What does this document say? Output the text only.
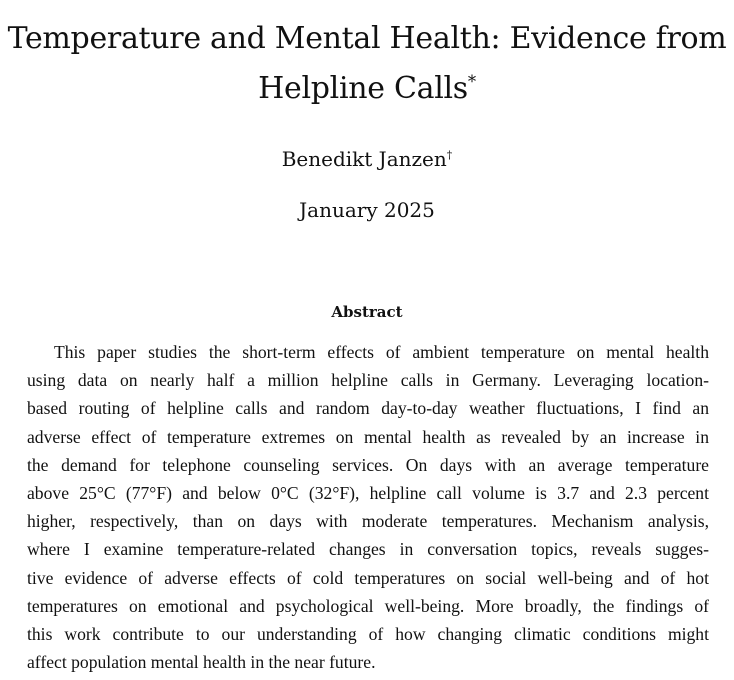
Temperature and Mental Health: Evidence from
Helpline Calls*
Benedikt Janzen†
January 2025
Abstract
This paper studies the short-term effects of ambient temperature on mental health
using data on nearly half a million helpline calls in Germany. Leveraging location-
based routing of helpline calls and random day-to-day weather fluctuations, I find an
adverse effect of temperature extremes on mental health as revealed by an increase in
the demand for telephone counseling services. On days with an average temperature
above 25°C (77°F) and below 0°C (32°F), helpline call volume is 3.7 and 2.3 percent
higher, respectively, than on days with moderate temperatures. Mechanism analysis,
where I examine temperature-related changes in conversation topics, reveals sugges-
tive evidence of adverse effects of cold temperatures on social well-being and of hot
temperatures on emotional and psychological well-being. More broadly, the findings of
this work contribute to our understanding of how changing climatic conditions might
affect population mental health in the near future.
